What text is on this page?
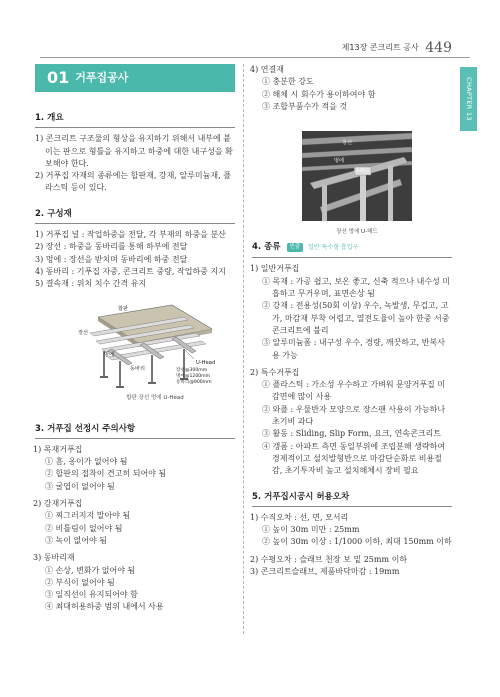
제13장 콘크리트 공사 449
CHAPTER 13
01 거푸집공사
1. 개요
1) 콘크리트 구조물의 형상을 유지하기 위해서 내부에 붙이는 판으로 형틀을 유지하고 하중에 대한 내구성을 확보해야 한다.
2) 거푸집 자재의 종류에는 합판재, 강재, 알루미늄재, 플라스틱 등이 있다.
2. 구성재
1) 거푸집 널 : 작업하중을 전달, 각 부재의 하중을 분산
2) 장선 : 하중을 동바리를 통해 하부에 전달
3) 멍에 : 장선을 받치며 동바리에 하중 전달
4) 동바리 : 기푸집 자중, 콘크리트 중량, 작업하중 지지
5) 결속재 : 위치 치수 간격 유지
합판
장선
멍에
동바리
U-Head
장선@300mm
멍에@1200mm
동바리@900mm
합판 장선 멍에 U-Head
3. 거푸집 선정시 주의사항
1) 목재거푸집
① 흠, 옹이가 없어야 됨
② 합판의 접착이 견고히 되어야 됨
③ 굴엽이 없어야 됨
2) 강재거푸집
① 찌그러지지 말아야 됨
② 비틀림이 없어야 됨
③ 녹이 없어야 됨
3) 동바리재
① 손상, 변화가 없어야 됨
② 부식이 없어야 됨
③ 일직선이 유지되어야 함
④ 최대허용하중 범위 내에서 사용
4) 연결재
① 충분한 강도
② 해체 시 회수가 용이하여야 함
③ 조합부품수가 적을 것
장선
멍에
U-헤드
장선 멍에 U-헤드
4. 종류 빈출 일반 특수형 흡입구
1) 일반거푸집
① 목재 : 가공 쉽고, 보온 좋고, 신축 적으나 내수성 미흡하고 무거우며, 표면손상 됨
② 강재 : 전용성(50회 이상) 우수, 녹발생, 무겁고, 고가, 마감재 부착 어렵고, 열전도율이 높아 한중 서중 콘크리트에 불리
③ 알루미늄폼 : 내구성 우수, 경량, 깨끗하고, 반복사용 가능
2) 특수거푸집
① 플라스틱 : 가소성 우수하고 가벼워 문양거푸집 미감면에 많이 사용
② 와플 : 우물반자 모양으로 장스팬 사용이 가능하나 초기비 과다
③ 활동 : Sliding, Slip Form, 요크, 연속콘크리트
④ 갱폼 : 아파트 측면 동일부위에 조립분해 생략하여 경제적이고 설치발형반으로 마감단순화로 비용절감, 초기투자비 높고 설치해체시 장비 필요
5. 거푸집시공시 허용오차
1) 수직오차 : 선, 면, 모서리
① 높이 30m 미만 : 25mm
② 높이 30m 이상 : 1/1000 이하, 최대 150mm 이하
2) 수평오차 : 슬래브 천장 보 밑 25mm 이하
3) 콘크리트슬래브, 제품바닥마감 : 19mm
